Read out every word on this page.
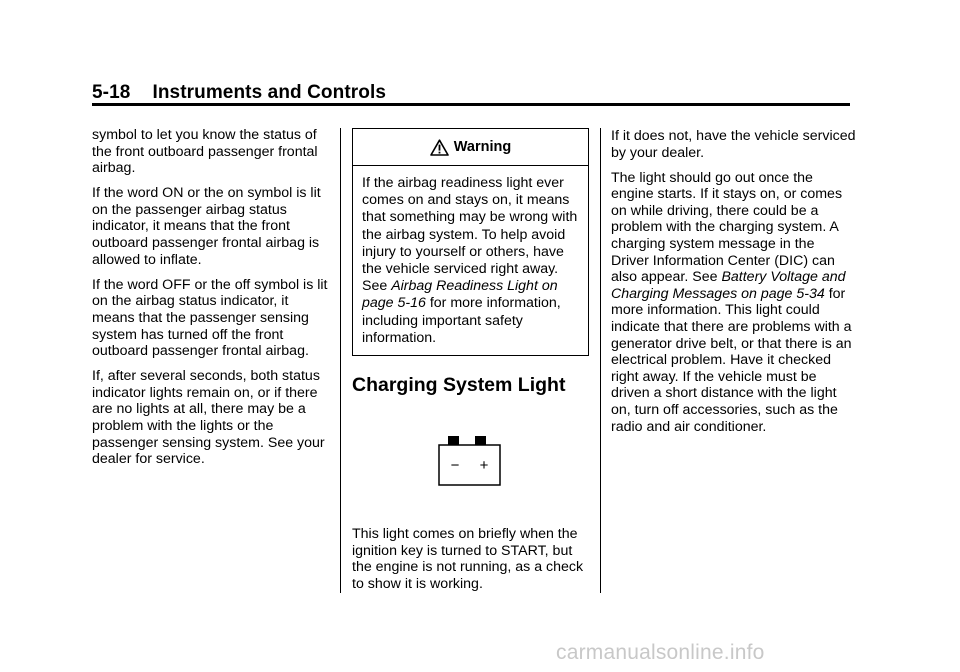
5-18 Instruments and Controls

symbol to let you know the status of the front outboard passenger frontal airbag.

If the word ON or the on symbol is lit on the passenger airbag status indicator, it means that the front outboard passenger frontal airbag is allowed to inflate.

If the word OFF or the off symbol is lit on the airbag status indicator, it means that the passenger sensing system has turned off the front outboard passenger frontal airbag.

If, after several seconds, both status indicator lights remain on, or if there are no lights at all, there may be a problem with the lights or the passenger sensing system. See your dealer for service.

Warning
If the airbag readiness light ever comes on and stays on, it means that something may be wrong with the airbag system. To help avoid injury to yourself or others, have the vehicle serviced right away. See Airbag Readiness Light on page 5-16 for more information, including important safety information.
Charging System Light
− +

This light comes on briefly when the ignition key is turned to START, but the engine is not running, as a check to show it is working.

If it does not, have the vehicle serviced by your dealer.

The light should go out once the engine starts. If it stays on, or comes on while driving, there could be a problem with the charging system. A charging system message in the Driver Information Center (DIC) can also appear. See Battery Voltage and Charging Messages on page 5-34 for more information. This light could indicate that there are problems with a generator drive belt, or that there is an electrical problem. Have it checked right away. If the vehicle must be driven a short distance with the light on, turn off accessories, such as the radio and air conditioner.

carmanualsonline.info
